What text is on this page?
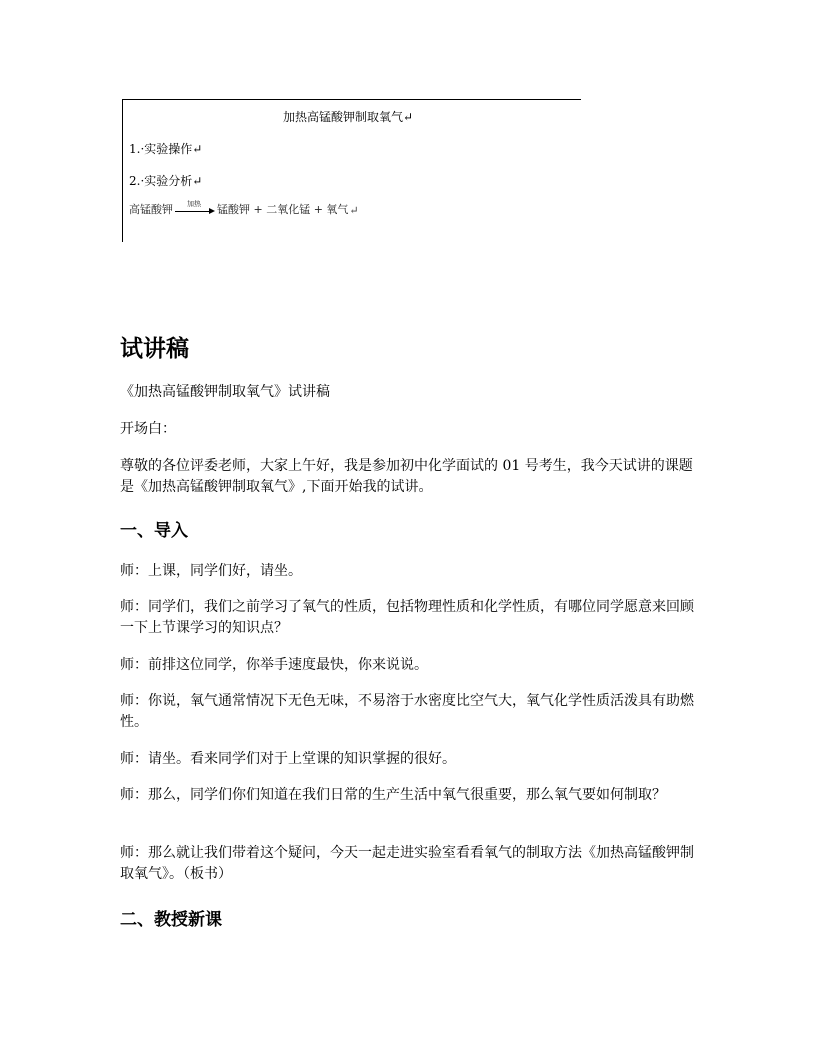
加热高锰酸钾制取氧气↵
1.·实验操作↵
2.·实验分析↵
高锰酸钾 加热 锰酸钾 + 二氧化锰 + 氧气 ↵
试讲稿

《加热高锰酸钾制取氧气》试讲稿

开场白：

尊敬的各位评委老师，大家上午好，我是参加初中化学面试的 01 号考生，我今天试讲的课题是《加热高锰酸钾制取氧气》,下面开始我的试讲。

一、导入

师：上课，同学们好，请坐。

师：同学们，我们之前学习了氧气的性质，包括物理性质和化学性质，有哪位同学愿意来回顾一下上节课学习的知识点？

师：前排这位同学，你举手速度最快，你来说说。

师：你说，氧气通常情况下无色无味，不易溶于水密度比空气大，氧气化学性质活泼具有助燃性。

师：请坐。看来同学们对于上堂课的知识掌握的很好。

师：那么，同学们你们知道在我们日常的生产生活中氧气很重要，那么氧气要如何制取？

师：那么就让我们带着这个疑问，今天一起走进实验室看看氧气的制取方法《加热高锰酸钾制取氧气》。（板书）

二、教授新课
